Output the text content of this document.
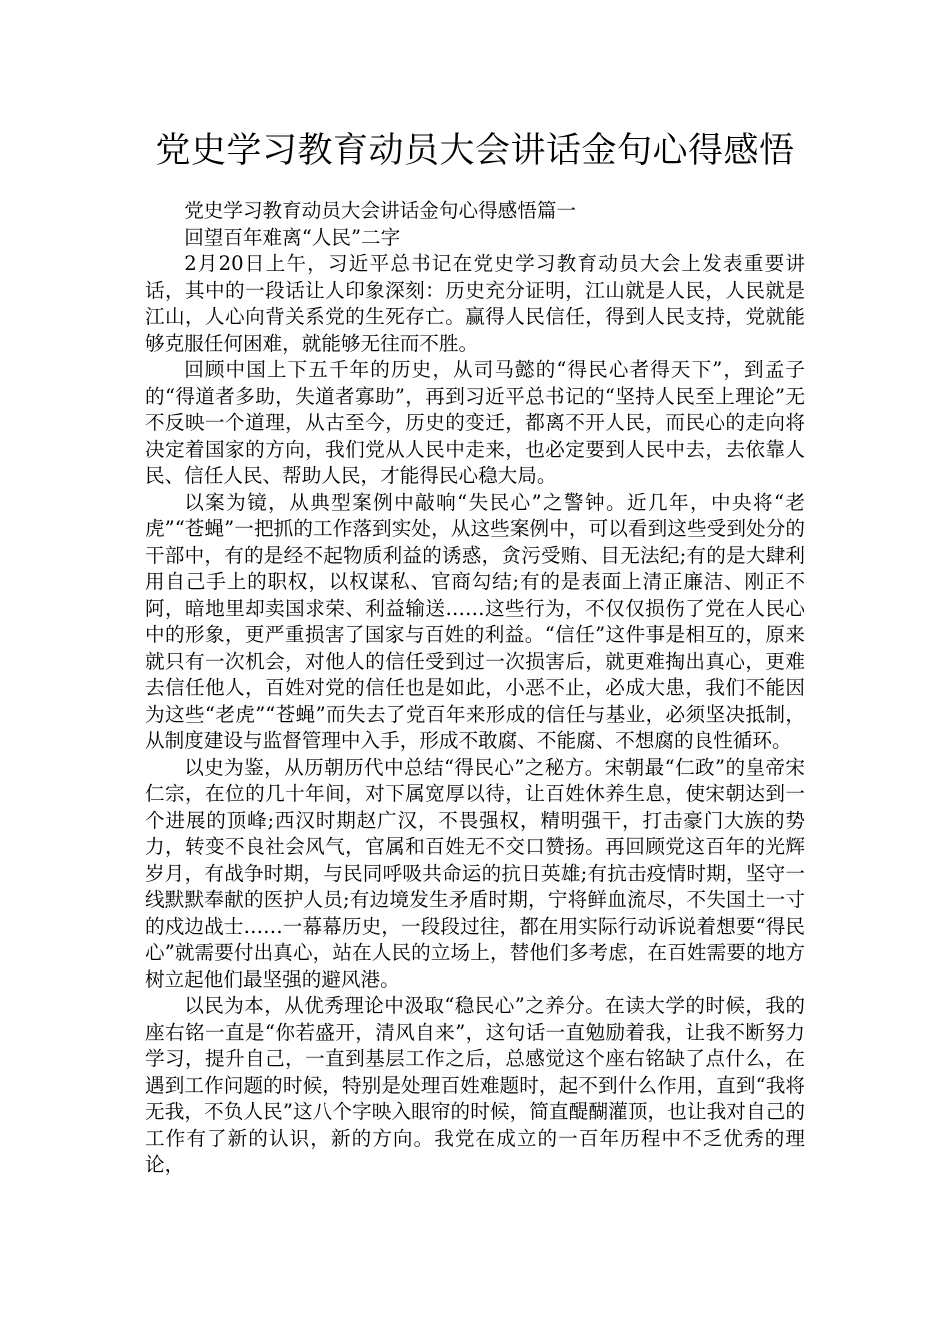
党史学习教育动员大会讲话金句心得感悟

党史学习教育动员大会讲话金句心得感悟篇一

回望百年难离“人民”二字

2月20日上午，习近平总书记在党史学习教育动员大会上发表重要讲话，其中的一段话让人印象深刻：历史充分证明，江山就是人民，人民就是江山，人心向背关系党的生死存亡。赢得人民信任，得到人民支持，党就能够克服任何困难，就能够无往而不胜。

回顾中国上下五千年的历史，从司马懿的“得民心者得天下”，到孟子的“得道者多助，失道者寡助”，再到习近平总书记的“坚持人民至上理论”无不反映一个道理，从古至今，历史的变迁，都离不开人民，而民心的走向将决定着国家的方向，我们党从人民中走来，也必定要到人民中去，去依靠人民、信任人民、帮助人民，才能得民心稳大局。

以案为镜，从典型案例中敲响“失民心”之警钟。近几年，中央将“老虎”“苍蝇”一把抓的工作落到实处，从这些案例中，可以看到这些受到处分的干部中，有的是经不起物质利益的诱惑，贪污受贿、目无法纪;有的是大肆利用自己手上的职权，以权谋私、官商勾结;有的是表面上清正廉洁、刚正不阿，暗地里却卖国求荣、利益输送……这些行为，不仅仅损伤了党在人民心中的形象，更严重损害了国家与百姓的利益。“信任”这件事是相互的，原来就只有一次机会，对他人的信任受到过一次损害后，就更难掏出真心，更难去信任他人，百姓对党的信任也是如此，小恶不止，必成大患，我们不能因为这些“老虎”“苍蝇”而失去了党百年来形成的信任与基业，必须坚决抵制，从制度建设与监督管理中入手，形成不敢腐、不能腐、不想腐的良性循环。

以史为鉴，从历朝历代中总结“得民心”之秘方。宋朝最“仁政”的皇帝宋仁宗，在位的几十年间，对下属宽厚以待，让百姓休养生息，使宋朝达到一个进展的顶峰;西汉时期赵广汉，不畏强权，精明强干，打击豪门大族的势力，转变不良社会风气，官属和百姓无不交口赞扬。再回顾党这百年的光辉岁月，有战争时期，与民同呼吸共命运的抗日英雄;有抗击疫情时期，坚守一线默默奉献的医护人员;有边境发生矛盾时期，宁将鲜血流尽，不失国土一寸的戍边战士……一幕幕历史，一段段过往，都在用实际行动诉说着想要“得民心”就需要付出真心，站在人民的立场上，替他们多考虑，在百姓需要的地方树立起他们最坚强的避风港。

以民为本，从优秀理论中汲取“稳民心”之养分。在读大学的时候，我的座右铭一直是“你若盛开，清风自来”，这句话一直勉励着我，让我不断努力学习，提升自己，一直到基层工作之后，总感觉这个座右铭缺了点什么，在遇到工作问题的时候，特别是处理百姓难题时，起不到什么作用，直到“我将无我，不负人民”这八个字映入眼帘的时候，简直醍醐灌顶，也让我对自己的工作有了新的认识，新的方向。我党在成立的一百年历程中不乏优秀的理论，
